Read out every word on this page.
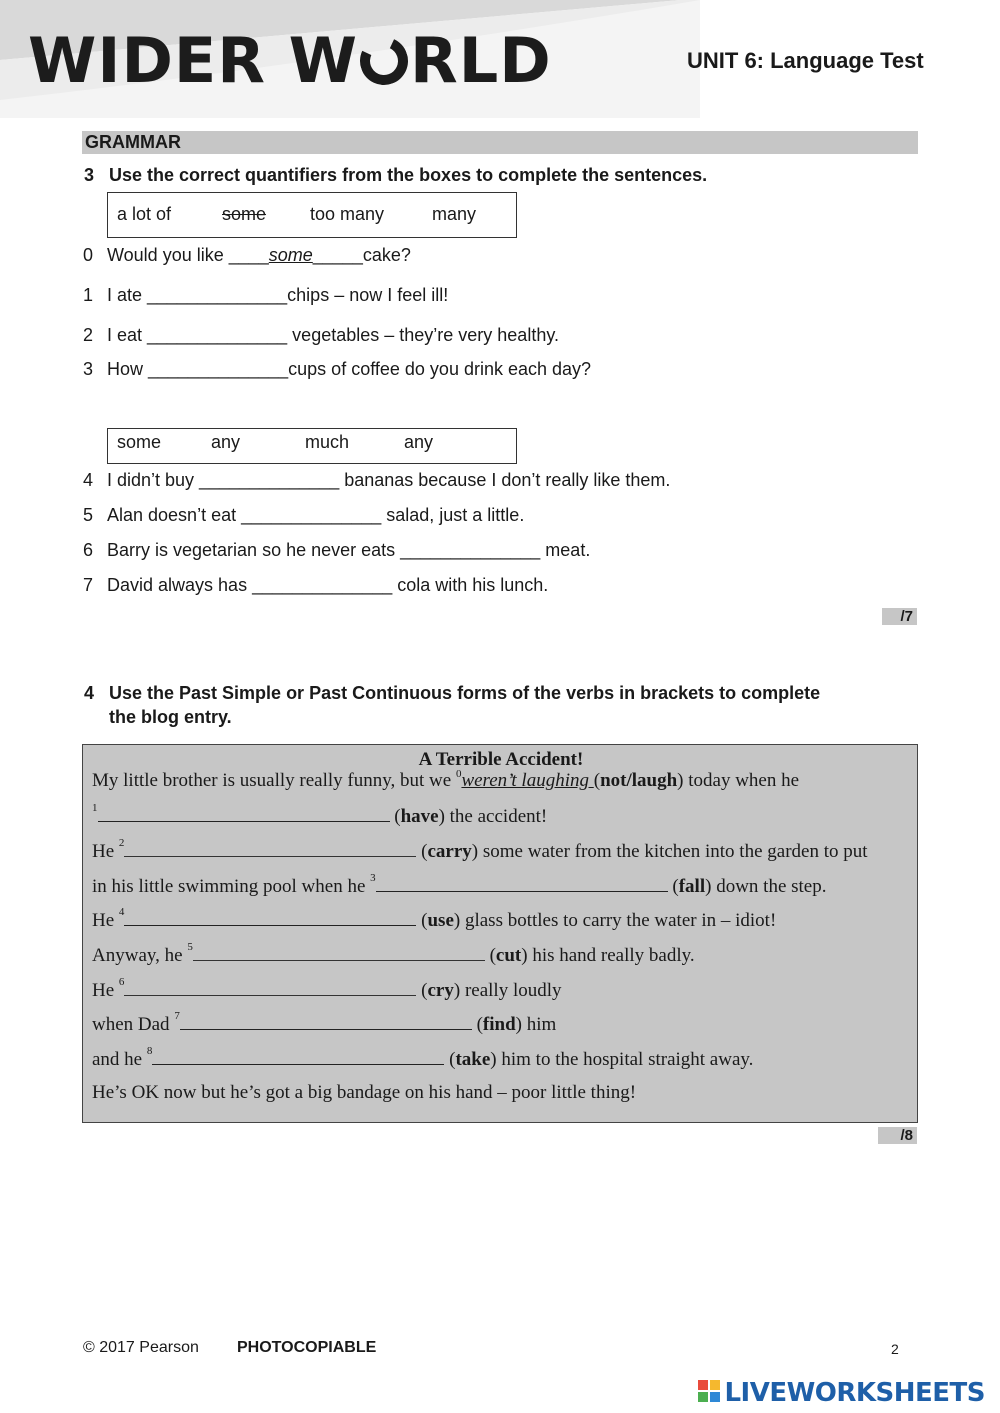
WIDER W RLD	UNIT 6: Language Test
GRAMMAR
3 Use the correct quantifiers from the boxes to complete the sentences.
a lot of	some too many	many
0 Would you like ____some_____cake?
1 I ate ______________chips – now I feel ill!
2 I eat ______________ vegetables – they’re very healthy.
3 How ______________cups of coffee do you drink each day?
some	any	much	any
4 I didn’t buy ______________ bananas because I don’t really like them.
5 Alan doesn’t eat ______________ salad, just a little.
6 Barry is vegetarian so he never eats ______________ meat.
7 David always has ______________ cola with his lunch.
/7
4 Use the Past Simple or Past Continuous forms of the verbs in brackets to complete
the blog entry.
A Terrible Accident!
My little brother is usually really funny, but we $^0$weren’t laughing (not/laugh) today when he
$^1$	(have) the accident!
He $^2$	(carry) some water from the kitchen into the garden to put
in his little swimming pool when he $^3$	(fall) down the step.
He $^4$	(use) glass bottles to carry the water in – idiot!
Anyway, he $^5$	(cut) his hand really badly.
He $^6$	(cry) really loudly
when Dad $^7$	(find) him
and he $^8$	(take) him to the hospital straight away.
He’s OK now but he’s got a big bandage on his hand – poor little thing!
/8
© 2017 Pearson PHOTOCOPIABLE	2
LIVEWORKSHEETS
